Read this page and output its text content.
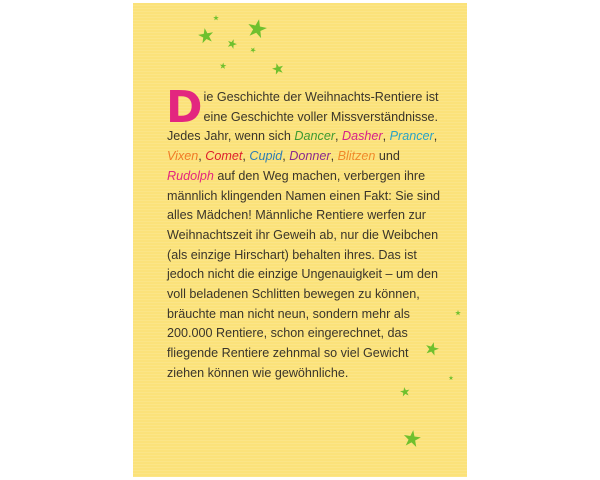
Die Geschichte der Weihnachts-Rentiere ist eine Geschichte voller Missverständnisse. Jedes Jahr, wenn sich Dancer, Dasher, Prancer, Vixen, Comet, Cupid, Donner, Blitzen und Rudolph auf den Weg machen, verbergen ihre männlich klingenden Namen einen Fakt: Sie sind alles Mädchen! Männliche Rentiere werfen zur Weihnachtszeit ihr Geweih ab, nur die Weibchen (als einzige Hirschart) behalten ihres. Das ist jedoch nicht die einzige Ungenauigkeit – um den voll beladenen Schlitten bewegen zu können, bräuchte man nicht neun, sondern mehr als 200.000 Rentiere, schon eingerechnet, das fliegende Rentiere zehnmal so viel Gewicht ziehen können wie gewöhnliche.
